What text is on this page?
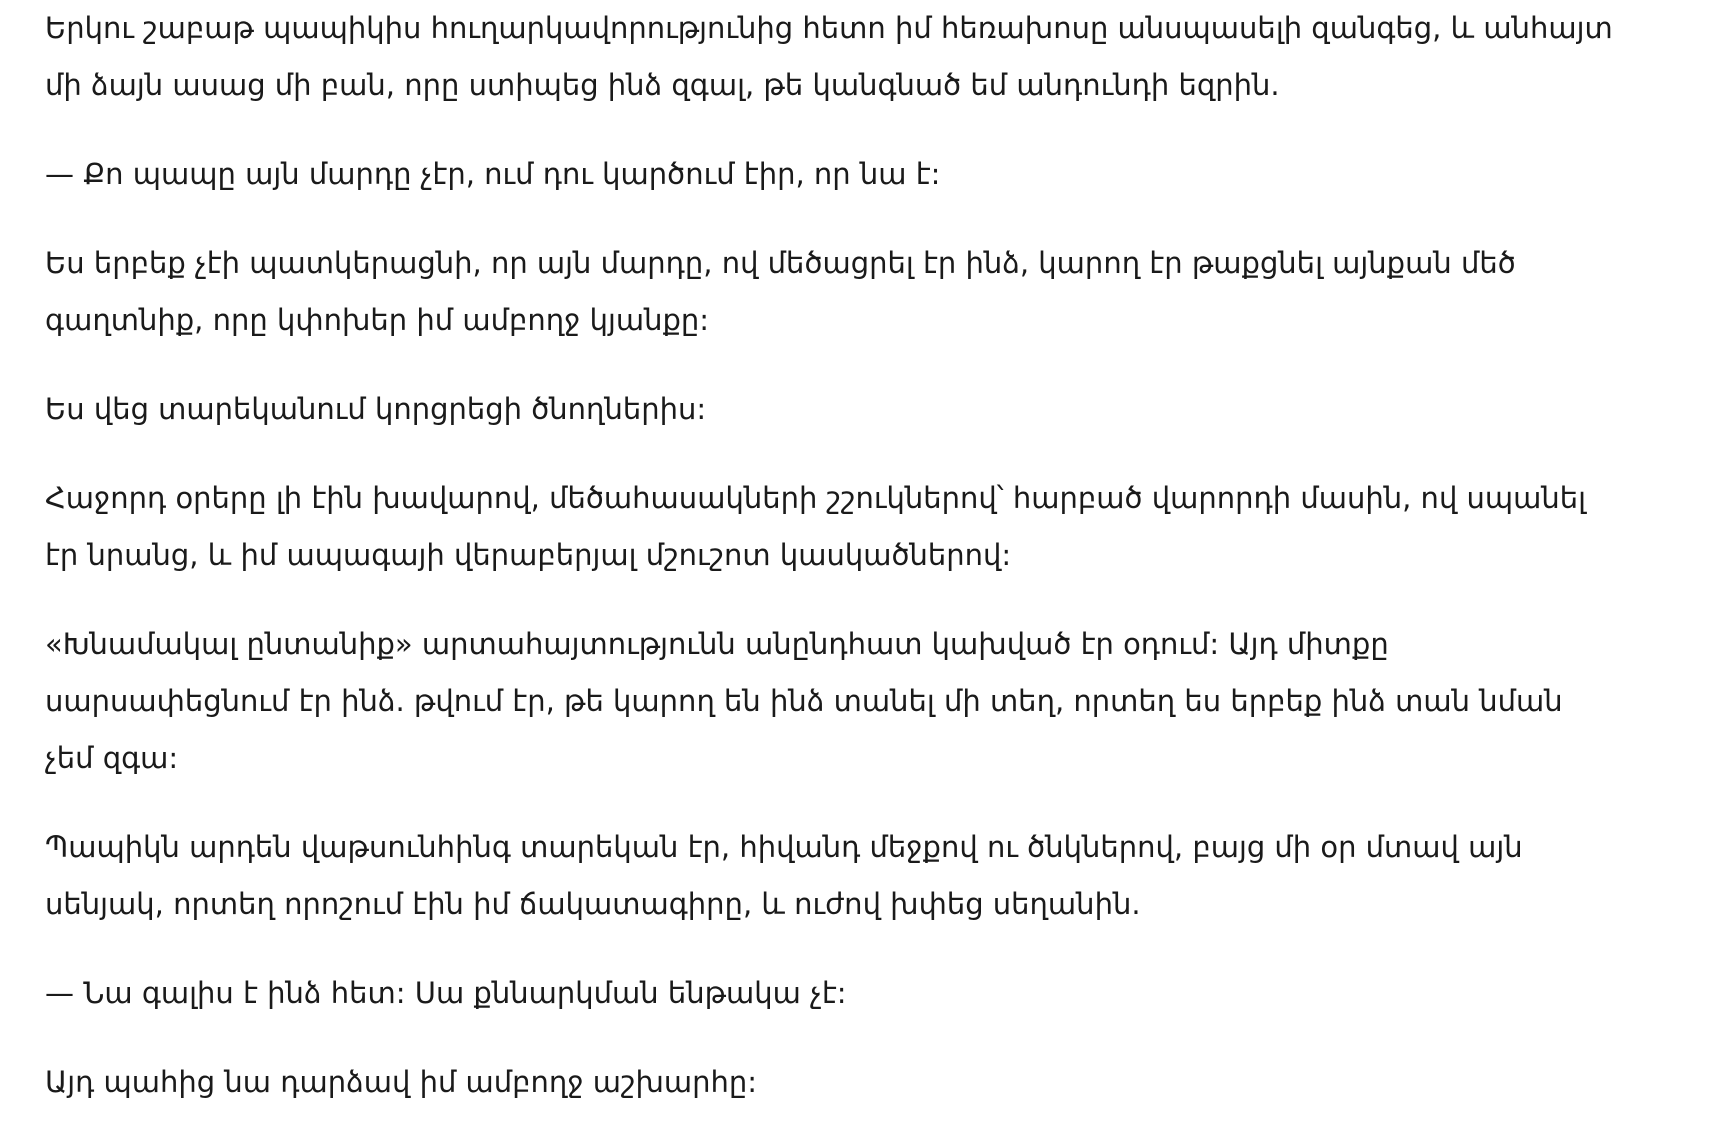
Երկու շաբաթ պապիկիս հուղարկավորությունից հետո իմ հեռախոսը անսպասելի զանգեց, և անհայտ
մի ձայն ասաց մի բան, որը ստիպեց ինձ զգալ, թե կանգնած եմ անդունդի եզրին.

— Քո պապը այն մարդը չէր, ում դու կարծում էիր, որ նա է:

Ես երբեք չէի պատկերացնի, որ այն մարդը, ով մեծացրել էր ինձ, կարող էր թաքցնել այնքան մեծ
գաղտնիք, որը կփոխեր իմ ամբողջ կյանքը:

Ես վեց տարեկանում կորցրեցի ծնողներիս:

Հաջորդ օրերը լի էին խավարով, մեծահասակների շշուկներով՝ հարբած վարորդի մասին, ով սպանել
էր նրանց, և իմ ապագայի վերաբերյալ մշուշոտ կասկածներով:

«Խնամակալ ընտանիք» արտահայտությունն անընդհատ կախված էր օդում: Այդ միտքը
սարսափեցնում էր ինձ. թվում էր, թե կարող են ինձ տանել մի տեղ, որտեղ ես երբեք ինձ տան նման
չեմ զգա:

Պապիկն արդեն վաթսունհինգ տարեկան էր, հիվանդ մեջքով ու ծնկներով, բայց մի օր մտավ այն
սենյակ, որտեղ որոշում էին իմ ճակատագիրը, և ուժով խփեց սեղանին.

— Նա գալիս է ինձ հետ: Սա քննարկման ենթակա չէ:

Այդ պահից նա դարձավ իմ ամբողջ աշխարհը:
